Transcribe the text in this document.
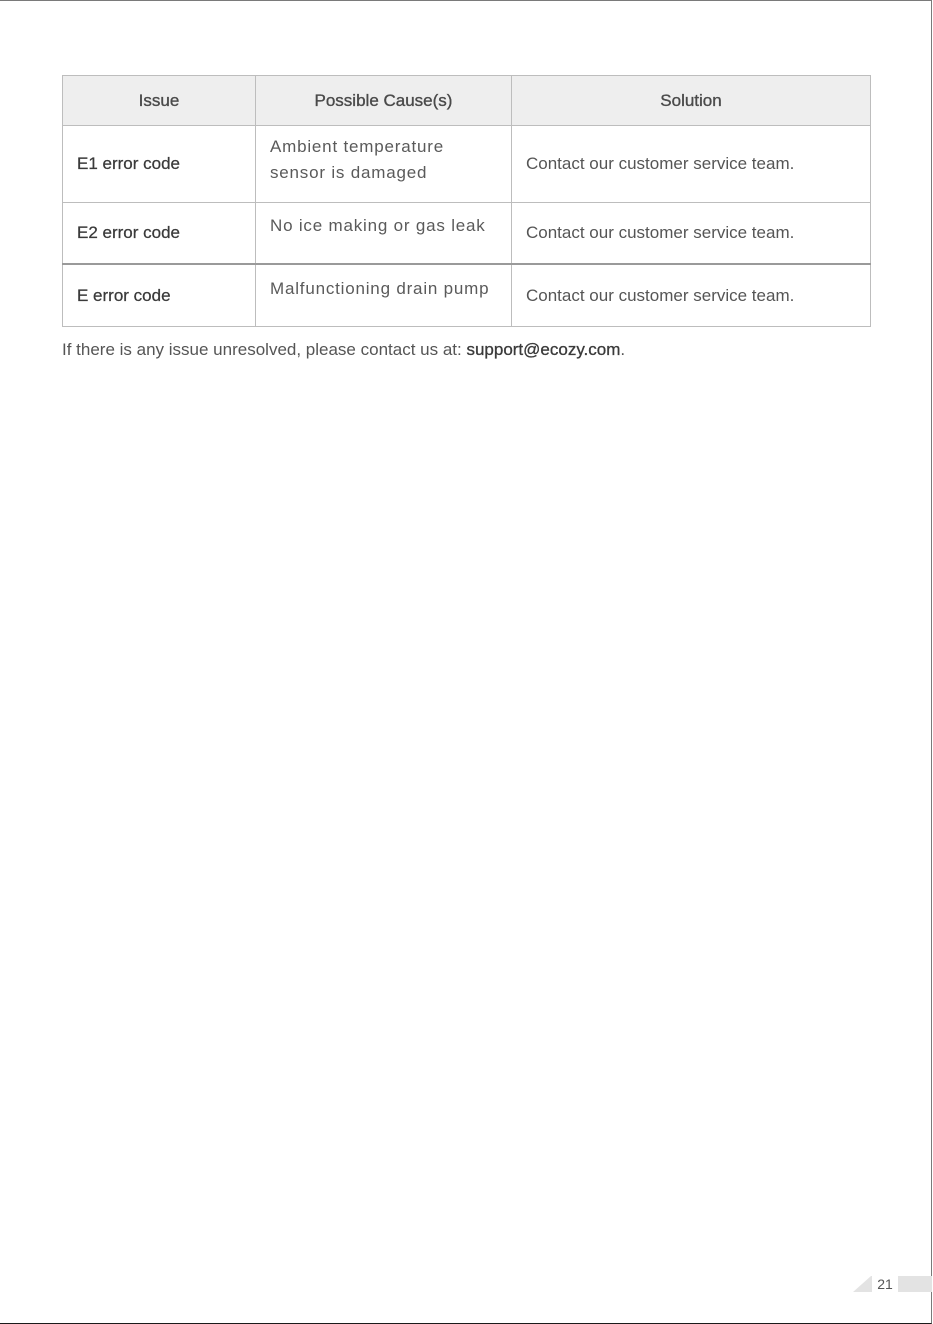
Issue	Possible Cause(s)	Solution
E1 error code	Ambient temperature sensor is damaged	Contact our customer service team.
E2 error code	No ice making or gas leak	Contact our customer service team.
E error code	Malfunctioning drain pump	Contact our customer service team.

If there is any issue unresolved, please contact us at: support@ecozy.com.

21
